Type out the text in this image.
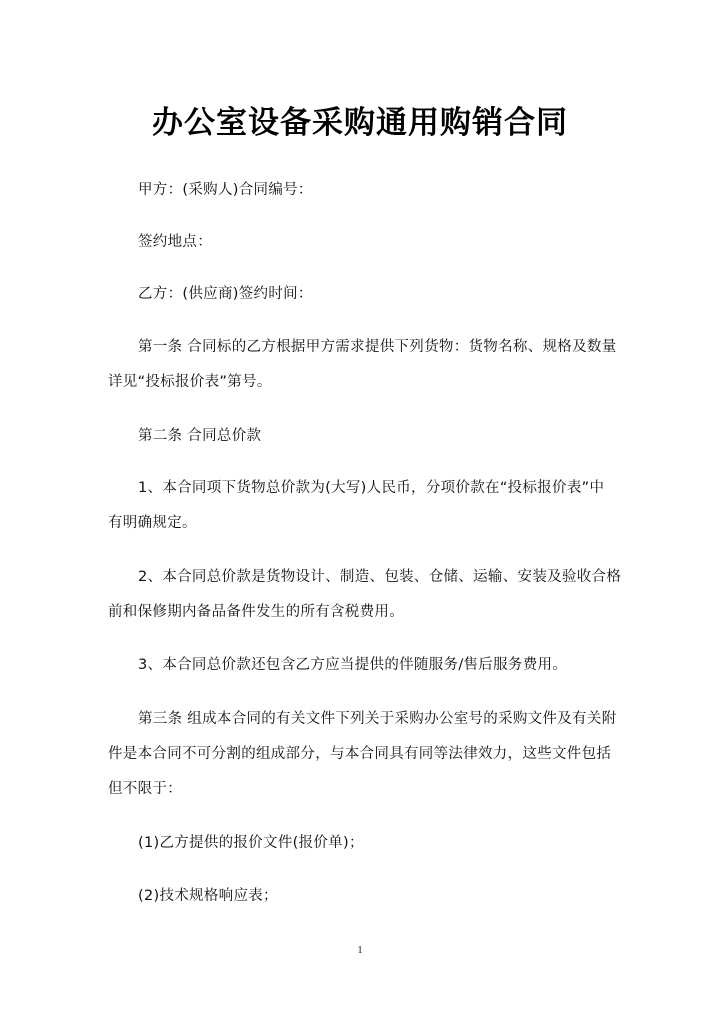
办公室设备采购通用购销合同
甲方：(采购人)合同编号：
签约地点：
乙方：(供应商)签约时间：
第一条 合同标的乙方根据甲方需求提供下列货物：货物名称、规格及数量
详见“投标报价表”第号。
第二条 合同总价款
1、本合同项下货物总价款为(大写)人民币，分项价款在“投标报价表”中
有明确规定。
2、本合同总价款是货物设计、制造、包装、仓储、运输、安装及验收合格
前和保修期内备品备件发生的所有含税费用。
3、本合同总价款还包含乙方应当提供的伴随服务/售后服务费用。
第三条 组成本合同的有关文件下列关于采购办公室号的采购文件及有关附
件是本合同不可分割的组成部分，与本合同具有同等法律效力，这些文件包括
但不限于：
(1)乙方提供的报价文件(报价单)；
(2)技术规格响应表；
1
